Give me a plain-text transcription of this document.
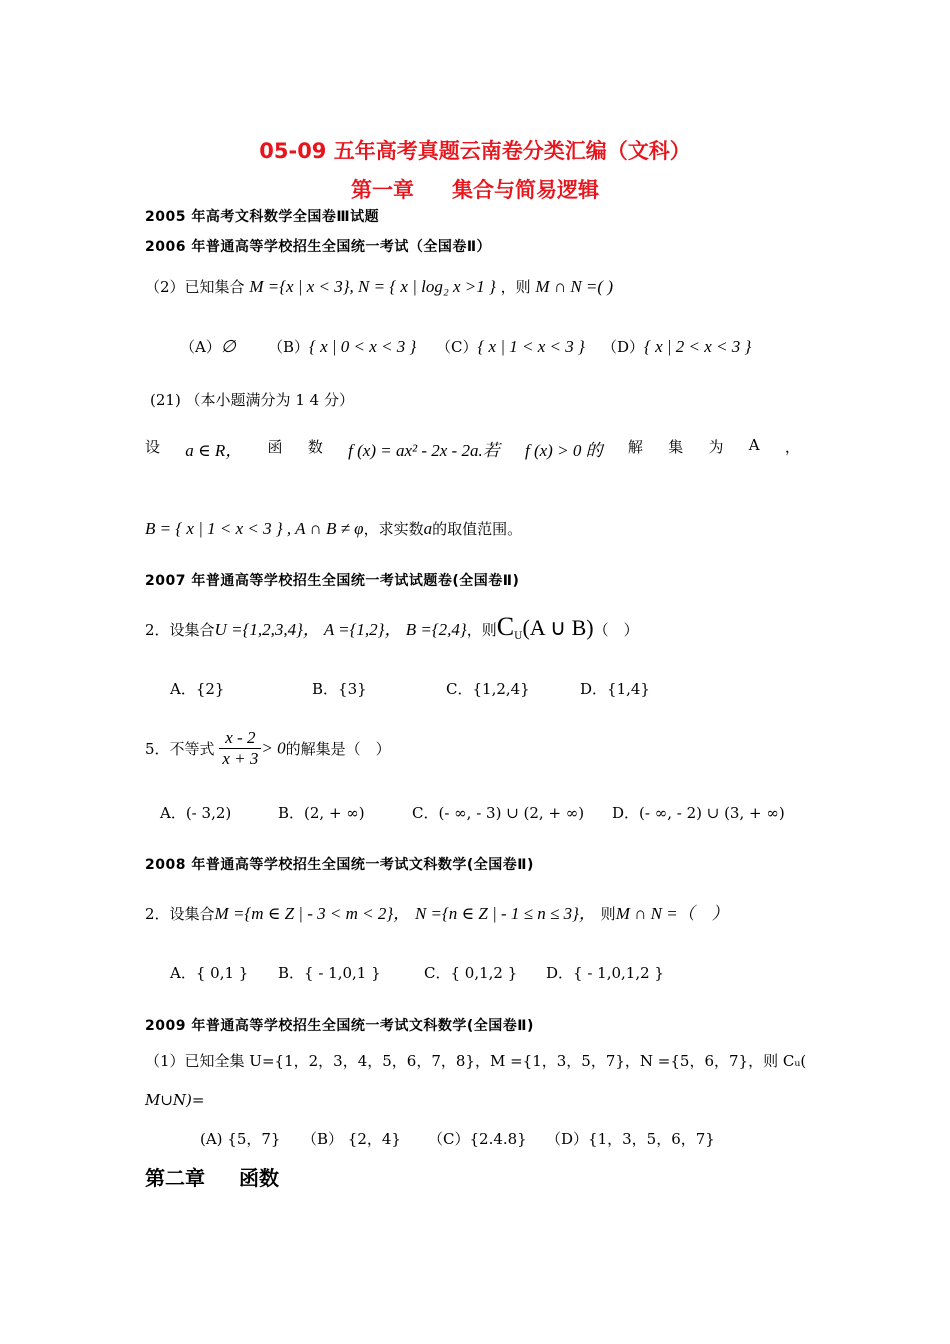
05-09 五年高考真题云南卷分类汇编（文科）
第一章 集合与简易逻辑
2005 年高考文科数学全国卷Ⅲ试题
2006 年普通高等学校招生全国统一考试（全国卷Ⅱ）
（2）已知集合 M ={x | x < 3}, N = { x | log₂ x >1 } ，则 M ∩ N =( )
（A）∅ （B）{ x | 0 < x < 3 } （C）{ x | 1 < x < 3 } （D）{ x | 2 < x < 3 }
(21) （本小题满分为 1 4 分）
设 a ∈ R， 函 数 f (x) = ax² - 2x - 2a.若 f (x) > 0 的 解 集 为 A ，
B = { x | 1 < x < 3 } , A ∩ B ≠ φ，求实数a的取值范围。
2007 年普通高等学校招生全国统一考试试题卷(全国卷Ⅱ)
2．设集合U ={1,2,3,4}， A ={1,2}， B ={2,4}，则$C_U(A$ ∪ B)（　）
A．{2}	B．{3}	C．{1,2,4}	D．{1,4}
5．不等式 $\frac{x - 2}{x + 3} > 0$的解集是（　）
A．(- 3,2)	B．(2, + ∞)	C．(- ∞, - 3) ∪ (2, + ∞) D．(- ∞, - 2) ∪ (3, + ∞)
2008 年普通高等学校招生全国统一考试文科数学(全国卷Ⅱ)
2．设集合M ={m ∈ Z | - 3 < m < 2}， N ={n ∈ Z | - 1 ≤ n ≤ 3}， 则M ∩ N =（　）
A．{ 0,1 } B．{ - 1,0,1 }	C．{ 0,1,2 } D．{ - 1,0,1,2 }
2009 年普通高等学校招生全国统一考试文科数学(全国卷Ⅱ)
（1）已知全集 U={1，2，3，4，5，6，7，8}，M ={1，3，5，7}，N ={5，6，7}，则 Cᵤ(
M∪N)=
(A) {5，7} （B） {2，4} （C）{2.4.8} （D）{1，3，5，6，7}
第二章 函数
